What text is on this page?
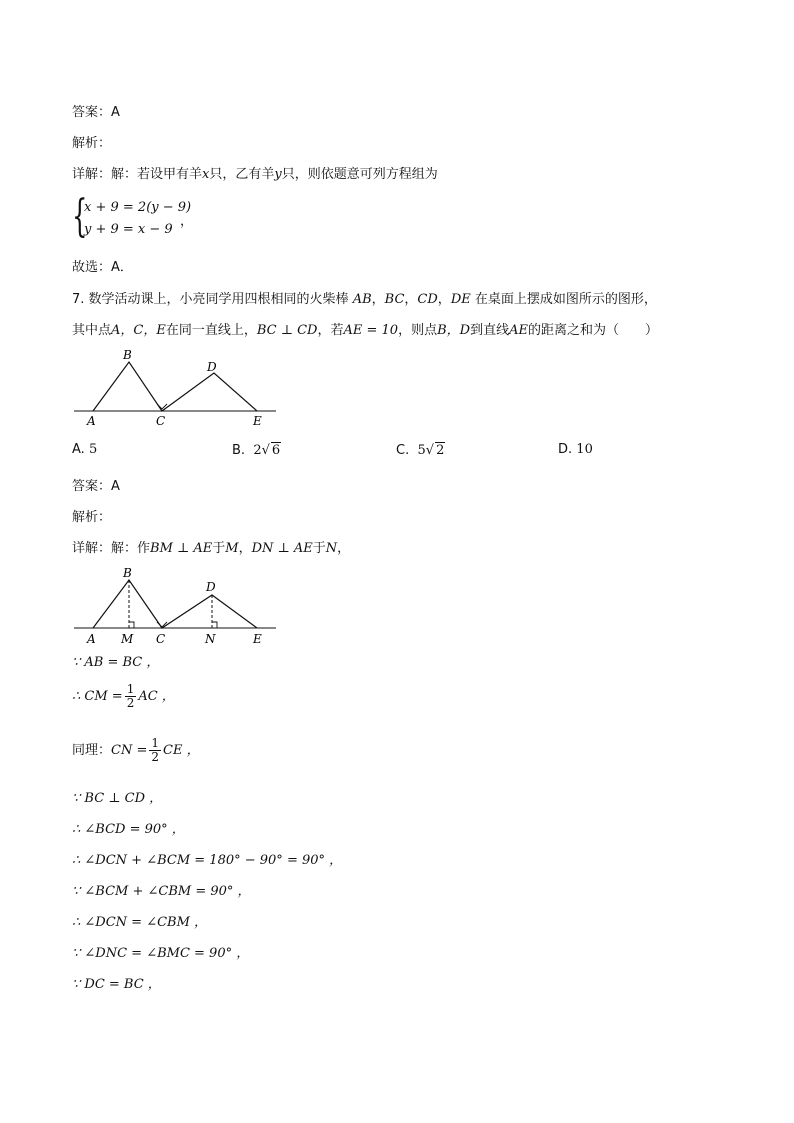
答案：A
解析：
详解：解：若设甲有羊x只，乙有羊y只，则依题意可列方程组为
{
x + 9 = 2(y − 9)
y + 9 = x − 9
，
故选：A．
7. 数学活动课上，小亮同学用四根相同的火柴棒 AB，BC，CD，DE 在桌面上摆成如图所示的图形，
其中点A，C，E在同一直线上，BC ⊥ CD，若AE = 10，则点B，D到直线AE的距离之和为（　　）
B
D
A	C	E
A. 5	B. 2√ 6	C. 5√ 2	D. 10
答案：A
解析：
详解：解：作BM ⊥ AE于M，DN ⊥ AE于N，
B
D
A M C	N	E
∵ AB = BC ，
∴ CM = $\frac{1}{2}$ AC ，
同理：CN = $\frac{1}{2}$ CE ，
∵ BC ⊥ CD ，
∴ ∠BCD = 90° ，
∴ ∠DCN + ∠BCM = 180° − 90° = 90° ，
∵ ∠BCM + ∠CBM = 90° ，
∴ ∠DCN = ∠CBM ，
∵ ∠DNC = ∠BMC = 90° ，
∵ DC = BC ，
